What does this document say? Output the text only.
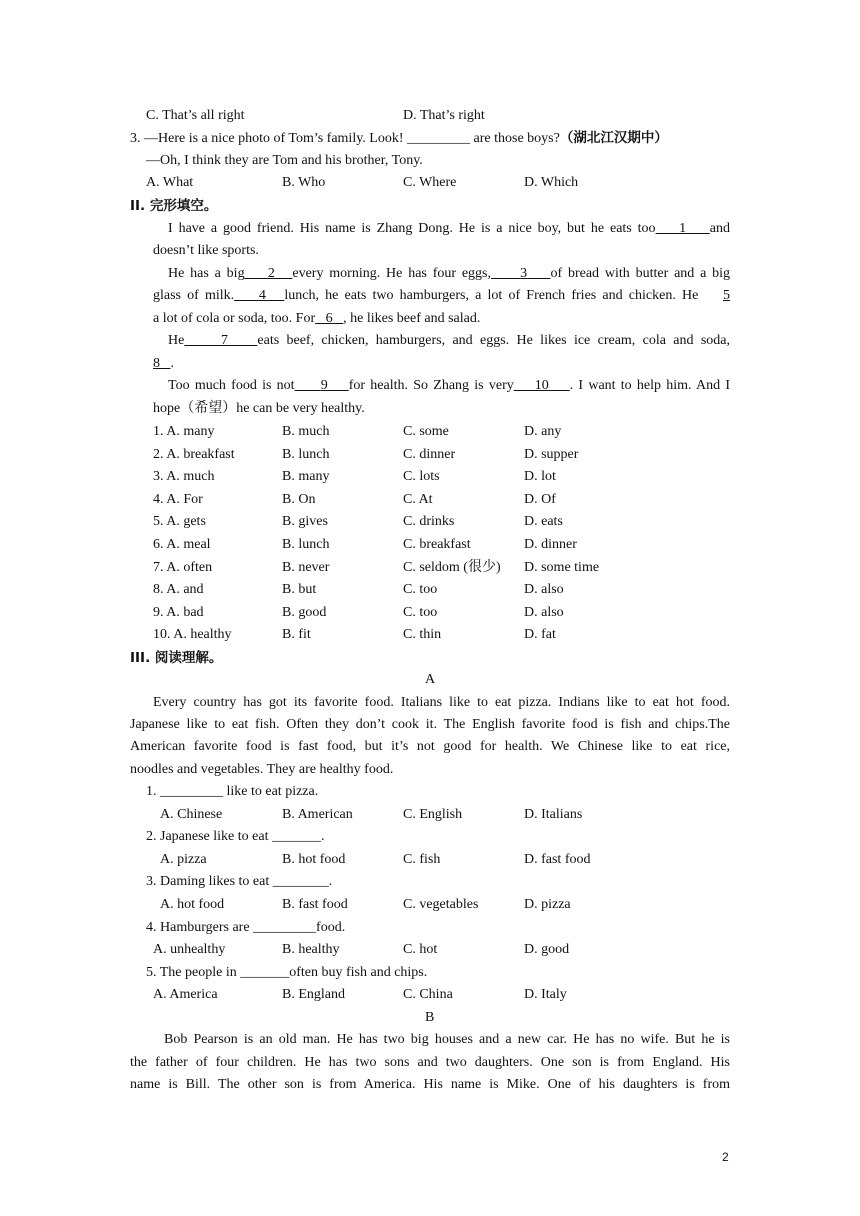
C. That’s all right	D. That’s right
3. —Here is a nice photo of Tom’s family. Look! _________ are those boys?（湖北江汉期中）
—Oh, I think they are Tom and his brother, Tony.
A. What	B. Who	C. Where	D. Which
II. 完形填空。
I have a good friend. His name is Zhang Dong. He is a nice boy, but he eats too 1 and
doesn’t like sports.
He has a big 2 every morning. He has four eggs, 3 of bread with butter and a big
glass of milk. 4 lunch, he eats two hamburgers, a lot of French fries and chicken. He 5
a lot of cola or soda, too. For 6 , he likes beef and salad.
He	7 eats beef, chicken, hamburgers, and eggs. He likes ice cream, cola and soda,
8 .
Too much food is not 9 for health. So Zhang is very 10 . I want to help him. And I
hope（希望）he can be very healthy.
1. A. many	B. much	C. some	D. any
2. A. breakfast	B. lunch	C. dinner	D. supper
3. A. much	B. many	C. lots	D. lot
4. A. For	B. On	C. At	D. Of
5. A. gets	B. gives	C. drinks	D. eats
6. A. meal	B. lunch	C. breakfast	D. dinner
7. A. often	B. never	C. seldom (很少) D. some time
8. A. and	B. but	C. too	D. also
9. A. bad	B. good	C. too	D. also
10. A. healthy	B. fit	C. thin	D. fat
III. 阅读理解。
A
Every country has got its favorite food. Italians like to eat pizza. Indians like to eat hot food.
Japanese like to eat fish. Often they don’t cook it. The English favorite food is fish and chips.The
American favorite food is fast food, but it’s not good for health. We Chinese like to eat rice,
noodles and vegetables. They are healthy food.
1. _________ like to eat pizza.
A. Chinese	B. American	C. English	D. Italians
2. Japanese like to eat _______.
A. pizza	B. hot food	C. fish	D. fast food
3. Daming likes to eat ________.
A. hot food	B. fast food	C. vegetables	D. pizza
4. Hamburgers are _________food.
A. unhealthy	B. healthy	C. hot	D. good
5. The people in _______often buy fish and chips.
A. America	B. England	C. China	D. Italy
B
Bob Pearson is an old man. He has two big houses and a new car. He has no wife. But he is
the father of four children. He has two sons and two daughters. One son is from England. His
name is Bill. The other son is from America. His name is Mike. One of his daughters is from
2
